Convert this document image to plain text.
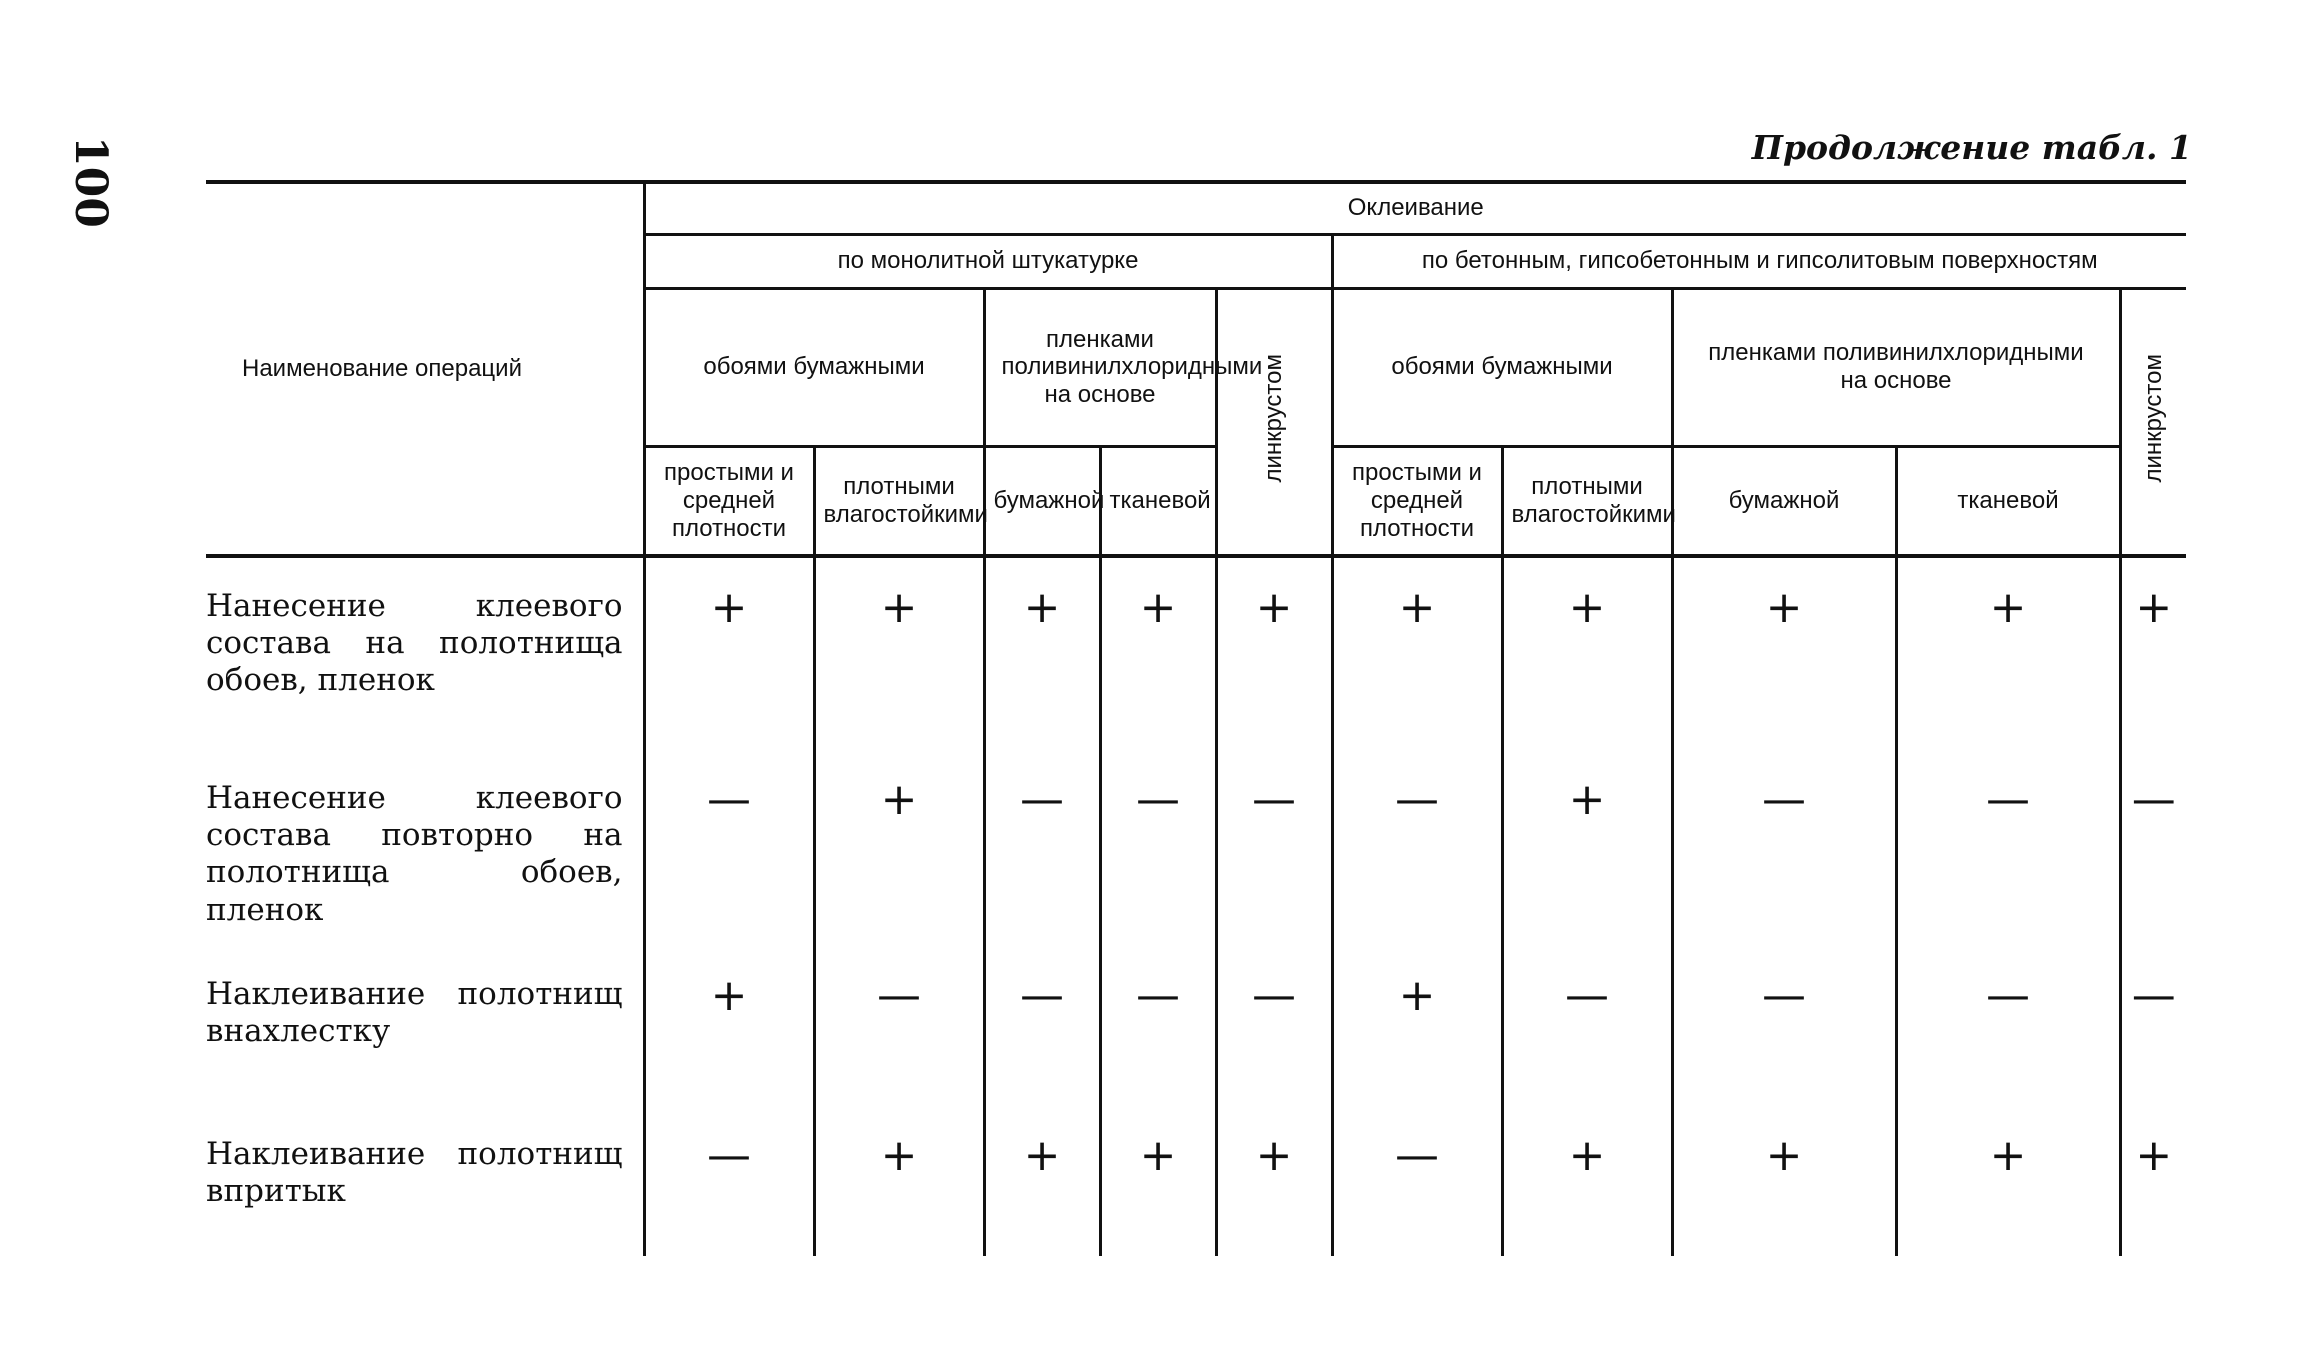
100	Продолжение табл. 1
Наименование операций	Оклеивание									
	по монолитной штукатурке					по бетонным, гипсобетонным и гипсолитовым поверхностям				
	обоями бумажными		пленками поливинилхлоридными на основе		линкрустом	обоями бумажными		пленками поливинилхлоридными на основе		линкрустом
	простыми и средней плотности	плотными влагостойкими	бумажной	тканевой		простыми и средней плотности	плотными влагостойкими	бумажной	тканевой	
Нанесение клеевого состава на полотнища обоев, пленок	+	+	+	+	+	+	+	+	+	+
Нанесение клеевого состава повторно на полотнища обоев, пленок	—	+	—	—	—	—	+	—	—	—
Наклеивание полотнищ внахлестку	+	—	—	—	—	+	—	—	—	—
Наклеивание полотнищ впритык	—	+	+	+	+	—	+	+	+	+
